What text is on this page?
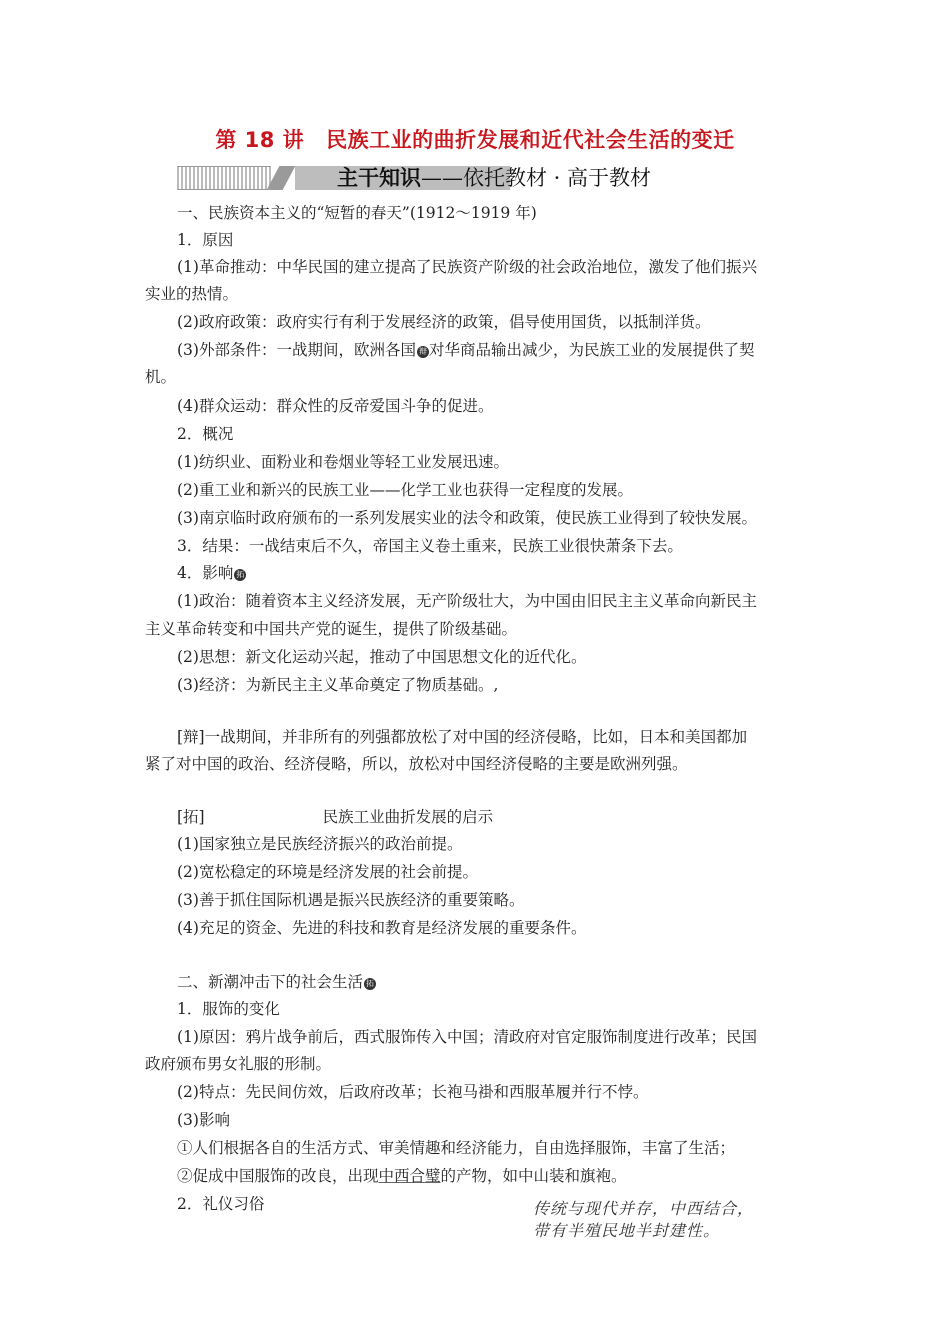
第 18 讲 民族工业的曲折发展和近代社会生活的变迁
主干知识——依托教材 · 高于教材
一、民族资本主义的“短暂的春天”(1912～1919 年)
1．原因
(1)革命推动：中华民国的建立提高了民族资产阶级的社会政治地位，激发了他们振兴
实业的热情。
(2)政府政策：政府实行有利于发展经济的政策，倡导使用国货，以抵制洋货。
(3)外部条件：一战期间，欧洲各国 辩 对华商品输出减少，为民族工业的发展提供了契
机。
(4)群众运动：群众性的反帝爱国斗争的促进。
2．概况
(1)纺织业、面粉业和卷烟业等轻工业发展迅速。
(2)重工业和新兴的民族工业——化学工业也获得一定程度的发展。
(3)南京临时政府颁布的一系列发展实业的法令和政策，使民族工业得到了较快发展。
3．结果：一战结束后不久，帝国主义卷土重来，民族工业很快萧条下去。
4．影响 拓
(1)政治：随着资本主义经济发展，无产阶级壮大，为中国由旧民主主义革命向新民主
主义革命转变和中国共产党的诞生，提供了阶级基础。
(2)思想：新文化运动兴起，推动了中国思想文化的近代化。
(3)经济：为新民主主义革命奠定了物质基础。,
[辩]一战期间，并非所有的列强都放松了对中国的经济侵略，比如，日本和美国都加
紧了对中国的政治、经济侵略，所以，放松对中国经济侵略的主要是欧洲列强。
[拓]	民族工业曲折发展的启示
(1)国家独立是民族经济振兴的政治前提。
(2)宽松稳定的环境是经济发展的社会前提。
(3)善于抓住国际机遇是振兴民族经济的重要策略。
(4)充足的资金、先进的科技和教育是经济发展的重要条件。
二、新潮冲击下的社会生活 拓
1．服饰的变化
(1)原因：鸦片战争前后，西式服饰传入中国；清政府对官定服饰制度进行改革；民国
政府颁布男女礼服的形制。
(2)特点：先民间仿效，后政府改革；长袍马褂和西服革履并行不悖。
(3)影响
①人们根据各自的生活方式、审美情趣和经济能力，自由选择服饰，丰富了生活；
②促成中国服饰的改良，出现中西合璧的产物，如中山装和旗袍。
2．礼仪习俗	传统与现代并存，中西结合，
带有半殖民地半封建性。
